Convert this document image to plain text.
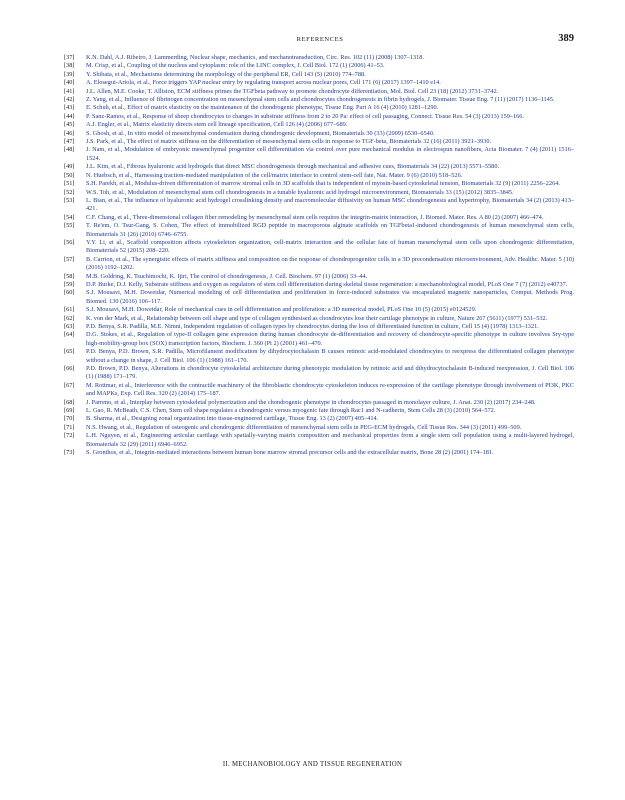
REFERENCES	389
[37] K.N. Dahl, A.J. Ribeiro, J. Lammerding, Nuclear shape, mechanics, and mechanotransduction, Circ. Res. 102 (11) (2008) 1307–1318.
[38] M. Crisp, et al., Coupling of the nucleus and cytoplasm: role of the LINC complex, J. Cell Biol. 172 (1) (2006) 41–53.
[39] Y. Shibata, et al., Mechanisms determining the morphology of the peripheral ER, Cell 143 (5) (2010) 774–788.
[40] A. Elosegui-Artola, et al., Force triggers YAP nuclear entry by regulating transport across nuclear pores, Cell 171 (6) (2017) 1397–1410 e14.
[41] J.L. Allen, M.E. Cooke, T. Alliston, ECM stiffness primes the TGFbeta pathway to promote chondrocyte differentiation, Mol. Biol. Cell 23 (18) (2012) 3731–3742.
[42] Z. Yang, et al., Influence of fibrinogen concentration on mesenchymal stem cells and chondrocytes chondrogenesis in fibrin hydrogels, J. Biomater. Tissue Eng. 7 (11) (2017) 1136–1145.
[43] E. Schuh, et al., Effect of matrix elasticity on the maintenance of the chondrogenic phenotype, Tissue Eng. Part A 16 (4) (2010) 1281–1290.
[44] P. Sanz-Ramos, et al., Response of sheep chondrocytes to changes in substrate stiffness from 2 to 20 Pa: effect of cell passaging, Connect. Tissue Res. 54 (3) (2013) 159–166.
[45] A.J. Engler, et al., Matrix elasticity directs stem cell lineage specification, Cell 126 (4) (2006) 677–689.
[46] S. Ghosh, et al., In vitro model of mesenchymal condensation during chondrogenic development, Biomaterials 30 (33) (2009) 6530–6540.
[47] J.S. Park, et al., The effect of matrix stiffness on the differentiation of mesenchymal stem cells in response to TGF-beta, Biomaterials 32 (16) (2011) 3921–3930.
[48] J. Nam, et al., Modulation of embryonic mesenchymal progenitor cell differentiation via control over pure mechanical modulus in electrospun nanofibers, Acta Biomater. 7 (4) (2011) 1516–1524.
[49] J.L. Kim, et al., Fibrous hyaluronic acid hydrogels that direct MSC chondrogenesis through mechanical and adhesive cues, Biomaterials 34 (22) (2013) 5571–5580.
[50] N. Huebsch, et al., Harnessing traction-mediated manipulation of the cell/matrix interface to control stem-cell fate, Nat. Mater. 9 (6) (2010) 518–526.
[51] S.H. Parekh, et al., Modulus-driven differentiation of marrow stromal cells in 3D scaffolds that is independent of myosin-based cytoskeletal tension, Biomaterials 32 (9) (2011) 2256–2264.
[52] W.S. Toh, et al., Modulation of mesenchymal stem cell chondrogenesis in a tunable hyaluronic acid hydrogel microenvironment, Biomaterials 33 (15) (2012) 3835–3845.
[53] L. Bian, et al., The influence of hyaluronic acid hydrogel crosslinking density and macromolecular diffusivity on human MSC chondrogenesis and hypertrophy, Biomaterials 34 (2) (2013) 413–421.
[54] C.F. Chang, et al., Three-dimensional collagen fiber remodeling by mesenchymal stem cells requires the integrin-matrix interaction, J. Biomed. Mater. Res. A 80 (2) (2007) 466–474.
[55] T. Re'em, O. Tsur-Gang, S. Cohen, The effect of immobilized RGD peptide in macroporous alginate scaffolds on TGFbeta1-induced chondrogenesis of human mesenchymal stem cells, Biomaterials 31 (26) (2010) 6746–6755.
[56] Y.Y. Li, et al., Scaffold composition affects cytoskeleton organization, cell-matrix interaction and the cellular fate of human mesenchymal stem cells upon chondrogenic differentiation, Biomaterials 52 (2015) 208–220.
[57] B. Carrion, et al., The synergistic effects of matrix stiffness and composition on the response of chondroprogenitor cells in a 3D precondensation microenvironment, Adv. Healthc. Mater. 5 (10) (2016) 1192–1202.
[58] M.B. Goldring, K. Tsuchimochi, K. Ijiri, The control of chondrogenesis, J. Cell. Biochem. 97 (1) (2006) 33–44.
[59] D.P. Burke, D.J. Kelly, Substrate stiffness and oxygen as regulators of stem cell differentiation during skeletal tissue regeneration: a mechanobiological model, PLoS One 7 (7) (2012) e40737.
[60] S.J. Mousavi, M.H. Doweidar, Numerical modeling of cell differentiation and proliferation in force-induced substrates via encapsulated magnetic nanoparticles, Comput. Methods Prog. Biomed. 130 (2016) 106–117.
[61] S.J. Mousavi, M.H. Doweidar, Role of mechanical cues in cell differentiation and proliferation: a 3D numerical model, PLoS One 10 (5) (2015) e0124529.
[62] K. von der Mark, et al., Relationship between cell shape and type of collagen synthesised as chondrocytes lose their cartilage phenotype in culture, Nature 267 (5611) (1977) 531–532.
[63] P.D. Benya, S.R. Padilla, M.E. Nimni, Independent regulation of collagen types by chondrocytes during the loss of differentiated function in culture, Cell 15 (4) (1978) 1313–1321.
[64] D.G. Stokes, et al., Regulation of type-II collagen gene expression during human chondrocyte de-differentiation and recovery of chondrocyte-specific phenotype in culture involves Sry-type high-mobility-group box (SOX) transcription factors, Biochem. J. 360 (Pt 2) (2001) 461–470.
[65] P.D. Benya, P.D. Brown, S.R. Padilla, Microfilament modification by dihydrocytochalasin B causes retinoic acid-modulated chondrocytes to reexpress the differentiated collagen phenotype without a change in shape, J. Cell Biol. 106 (1) (1988) 161–170.
[66] P.D. Brown, P.D. Benya, Alterations in chondrocyte cytoskeletal architecture during phenotypic modulation by retinoic acid and dihydrocytochalasin B-induced reexpression, J. Cell Biol. 106 (1) (1988) 171–179.
[67] M. Rottmar, et al., Interference with the contractile machinery of the fibroblastic chondrocyte cytoskeleton induces re-expression of the cartilage phenotype through involvement of PI3K, PKC and MAPKs, Exp. Cell Res. 320 (2) (2014) 175–187.
[68] J. Parreno, et al., Interplay between cytoskeletal polymerization and the chondrogenic phenotype in chondrocytes passaged in monolayer culture, J. Anat. 230 (2) (2017) 234–248.
[69] L. Gao, R. McBeath, C.S. Chen, Stem cell shape regulates a chondrogenic versus myogenic fate through Rac1 and N-cadherin, Stem Cells 28 (3) (2010) 564–572.
[70] B. Sharma, et al., Designing zonal organization into tissue-engineered cartilage, Tissue Eng. 13 (2) (2007) 405–414.
[71] N.S. Hwang, et al., Regulation of osteogenic and chondrogenic differentiation of mesenchymal stem cells in PEG-ECM hydrogels, Cell Tissue Res. 344 (3) (2011) 499–509.
[72] L.H. Nguyen, et al., Engineering articular cartilage with spatially-varying matrix composition and mechanical properties from a single stem cell population using a multi-layered hydrogel, Biomaterials 32 (29) (2011) 6946–6952.
[73] S. Gronthos, et al., Integrin-mediated interactions between human bone marrow stromal precursor cells and the extracellular matrix, Bone 28 (2) (2001) 174–181.
II. MECHANOBIOLOGY AND TISSUE REGENERATION
